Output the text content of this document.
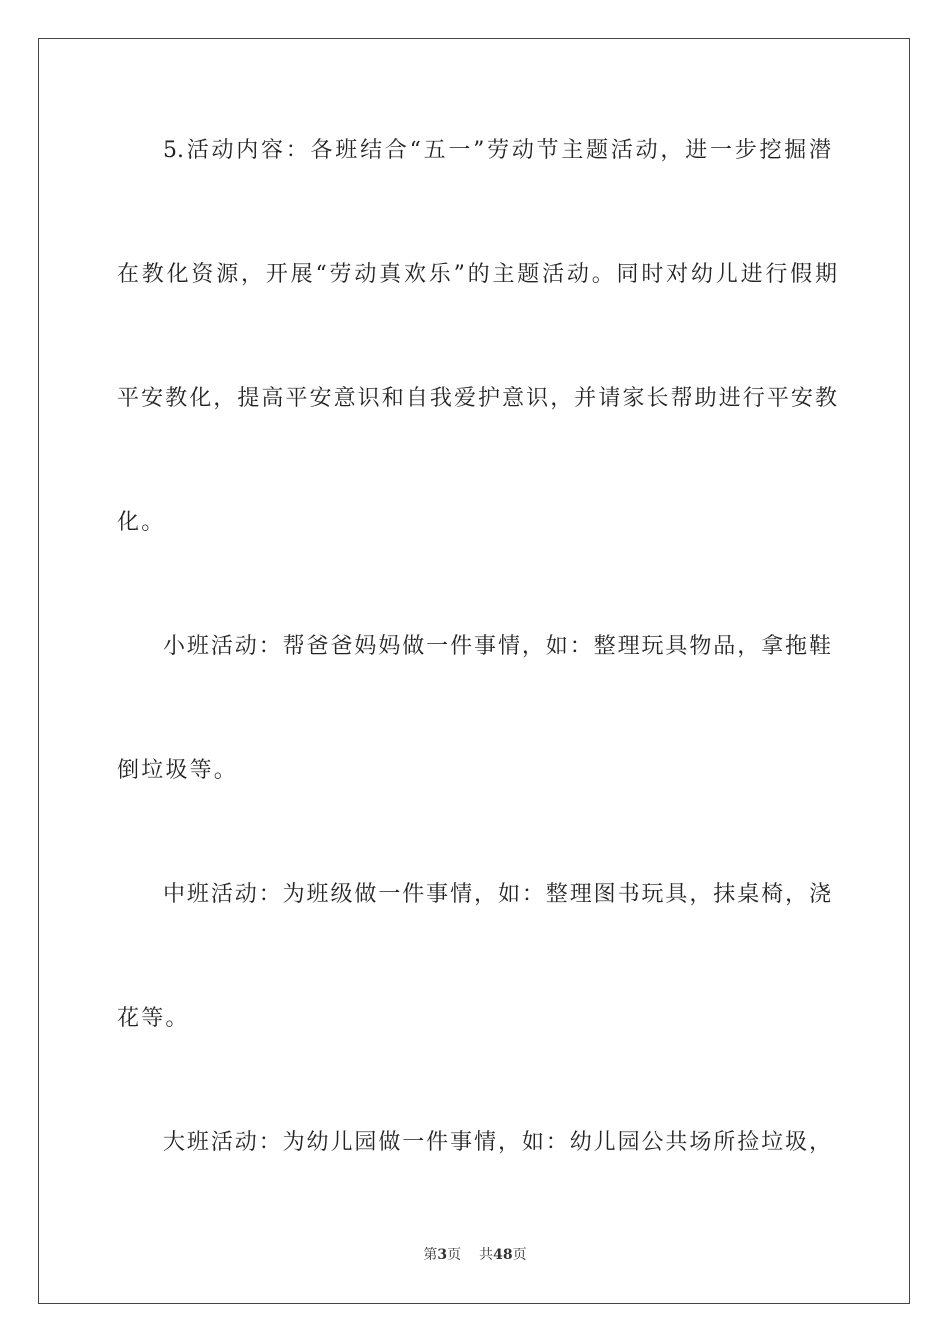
5.活动内容：各班结合“五一”劳动节主题活动，进一步挖掘潜
在教化资源，开展“劳动真欢乐”的主题活动。同时对幼儿进行假期
平安教化，提高平安意识和自我爱护意识，并请家长帮助进行平安教
化。
小班活动：帮爸爸妈妈做一件事情，如：整理玩具物品，拿拖鞋
倒垃圾等。
中班活动：为班级做一件事情，如：整理图书玩具，抹桌椅，浇
花等。
大班活动：为幼儿园做一件事情，如：幼儿园公共场所捡垃圾，
第3页 共48页
